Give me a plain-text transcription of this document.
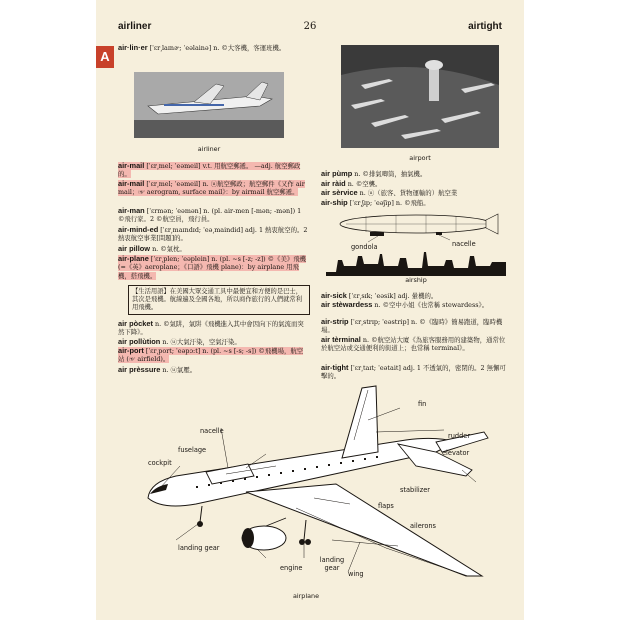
airliner	26	airtight
A
air·lin·er [ˈɛr͵laɪnɚ; ˈeəlainə] n. ©大客機，客運班機。
airliner
air-mail [ˈɛr͵mel; ˈeəmeil] v.t. 用航空郵遞。 —adj. 航空郵政的。
air-mail [ˈɛr͵mel; ˈeəmeil] n. ⓤ航空郵政；航空郵件《又作 air mail；☞ aerogram, surface mail》：by airmail 航空郵遞。
air-man [ˈɛrmən; ˈeəmən] n. (pl. air-men [-mən; -mən]) 1 ©飛行家。2 ©航空員，飛行員。
air-mind-ed [ˈɛr͵maɪndɪd; ˈeə͵maindid] adj. 1 熱衷航空的。2 熱衷航空事業[問題]的。
air pillow n. ©氣枕。
air-plane [ˈɛr͵plen; ˈeəplein] n. (pl. ~s [-z; -z]) ©《美》飛機 (=《英》aeroplane；《口語》飛機 plane)：by airplane 用飛機，搭飛機。
【生活用語】在美國大眾交通工具中最便宜和方便的是巴士，其次是飛機。航線遍及全國各地，所以商作旅行的人們就常利用飛機。
air pòcket n. ©氣阱，氣阱《飛機進入其中會因向下的氣流而突然下降》。
air pollùtion n. ⓤ大氣汙染，空氣汙染。
air-port [ˈɛr͵port; ˈeəpɔ:t] n. (pl. ~s [-s; -s]) ©飛機場，航空站 (☞ airfield)。
air prèssure n. ⓤ氣壓。
airport
air pùmp n. ©排氣唧筒，抽氣機。
air ràid n. ©空襲。
air sèrvice n. ⓤ（旅客、貨物運輸的）航空業
air-ship [ˈɛr͵ʃɪp; ˈeəʃip] n. ©飛船。
gondola	nacelle
airship
air-sick [ˈɛr͵sɪk; ˈeəsik] adj. 暈機的。
air stèwardess n. ©空中小姐《也常稱 stewardess》。
air-strip [ˈɛr͵strɪp; ˈeəstrip] n. ©《臨時》簡易跑道，臨時機場。
air tèrminal n. ©航空站大廈《為旅客服務用的建築物，通常位於航空站或交通便利的街道上；也常稱 terminal》。
air-tight [ˈɛr͵taɪt; ˈeətait] adj. 1 不透氣的，密閉的。2 無懈可擊的。
fin
rudder
elevator
stabilizer
nacelle
fuselage
cockpit
flaps
ailerons
landing gear
engine
landing gear
wing
airplane
